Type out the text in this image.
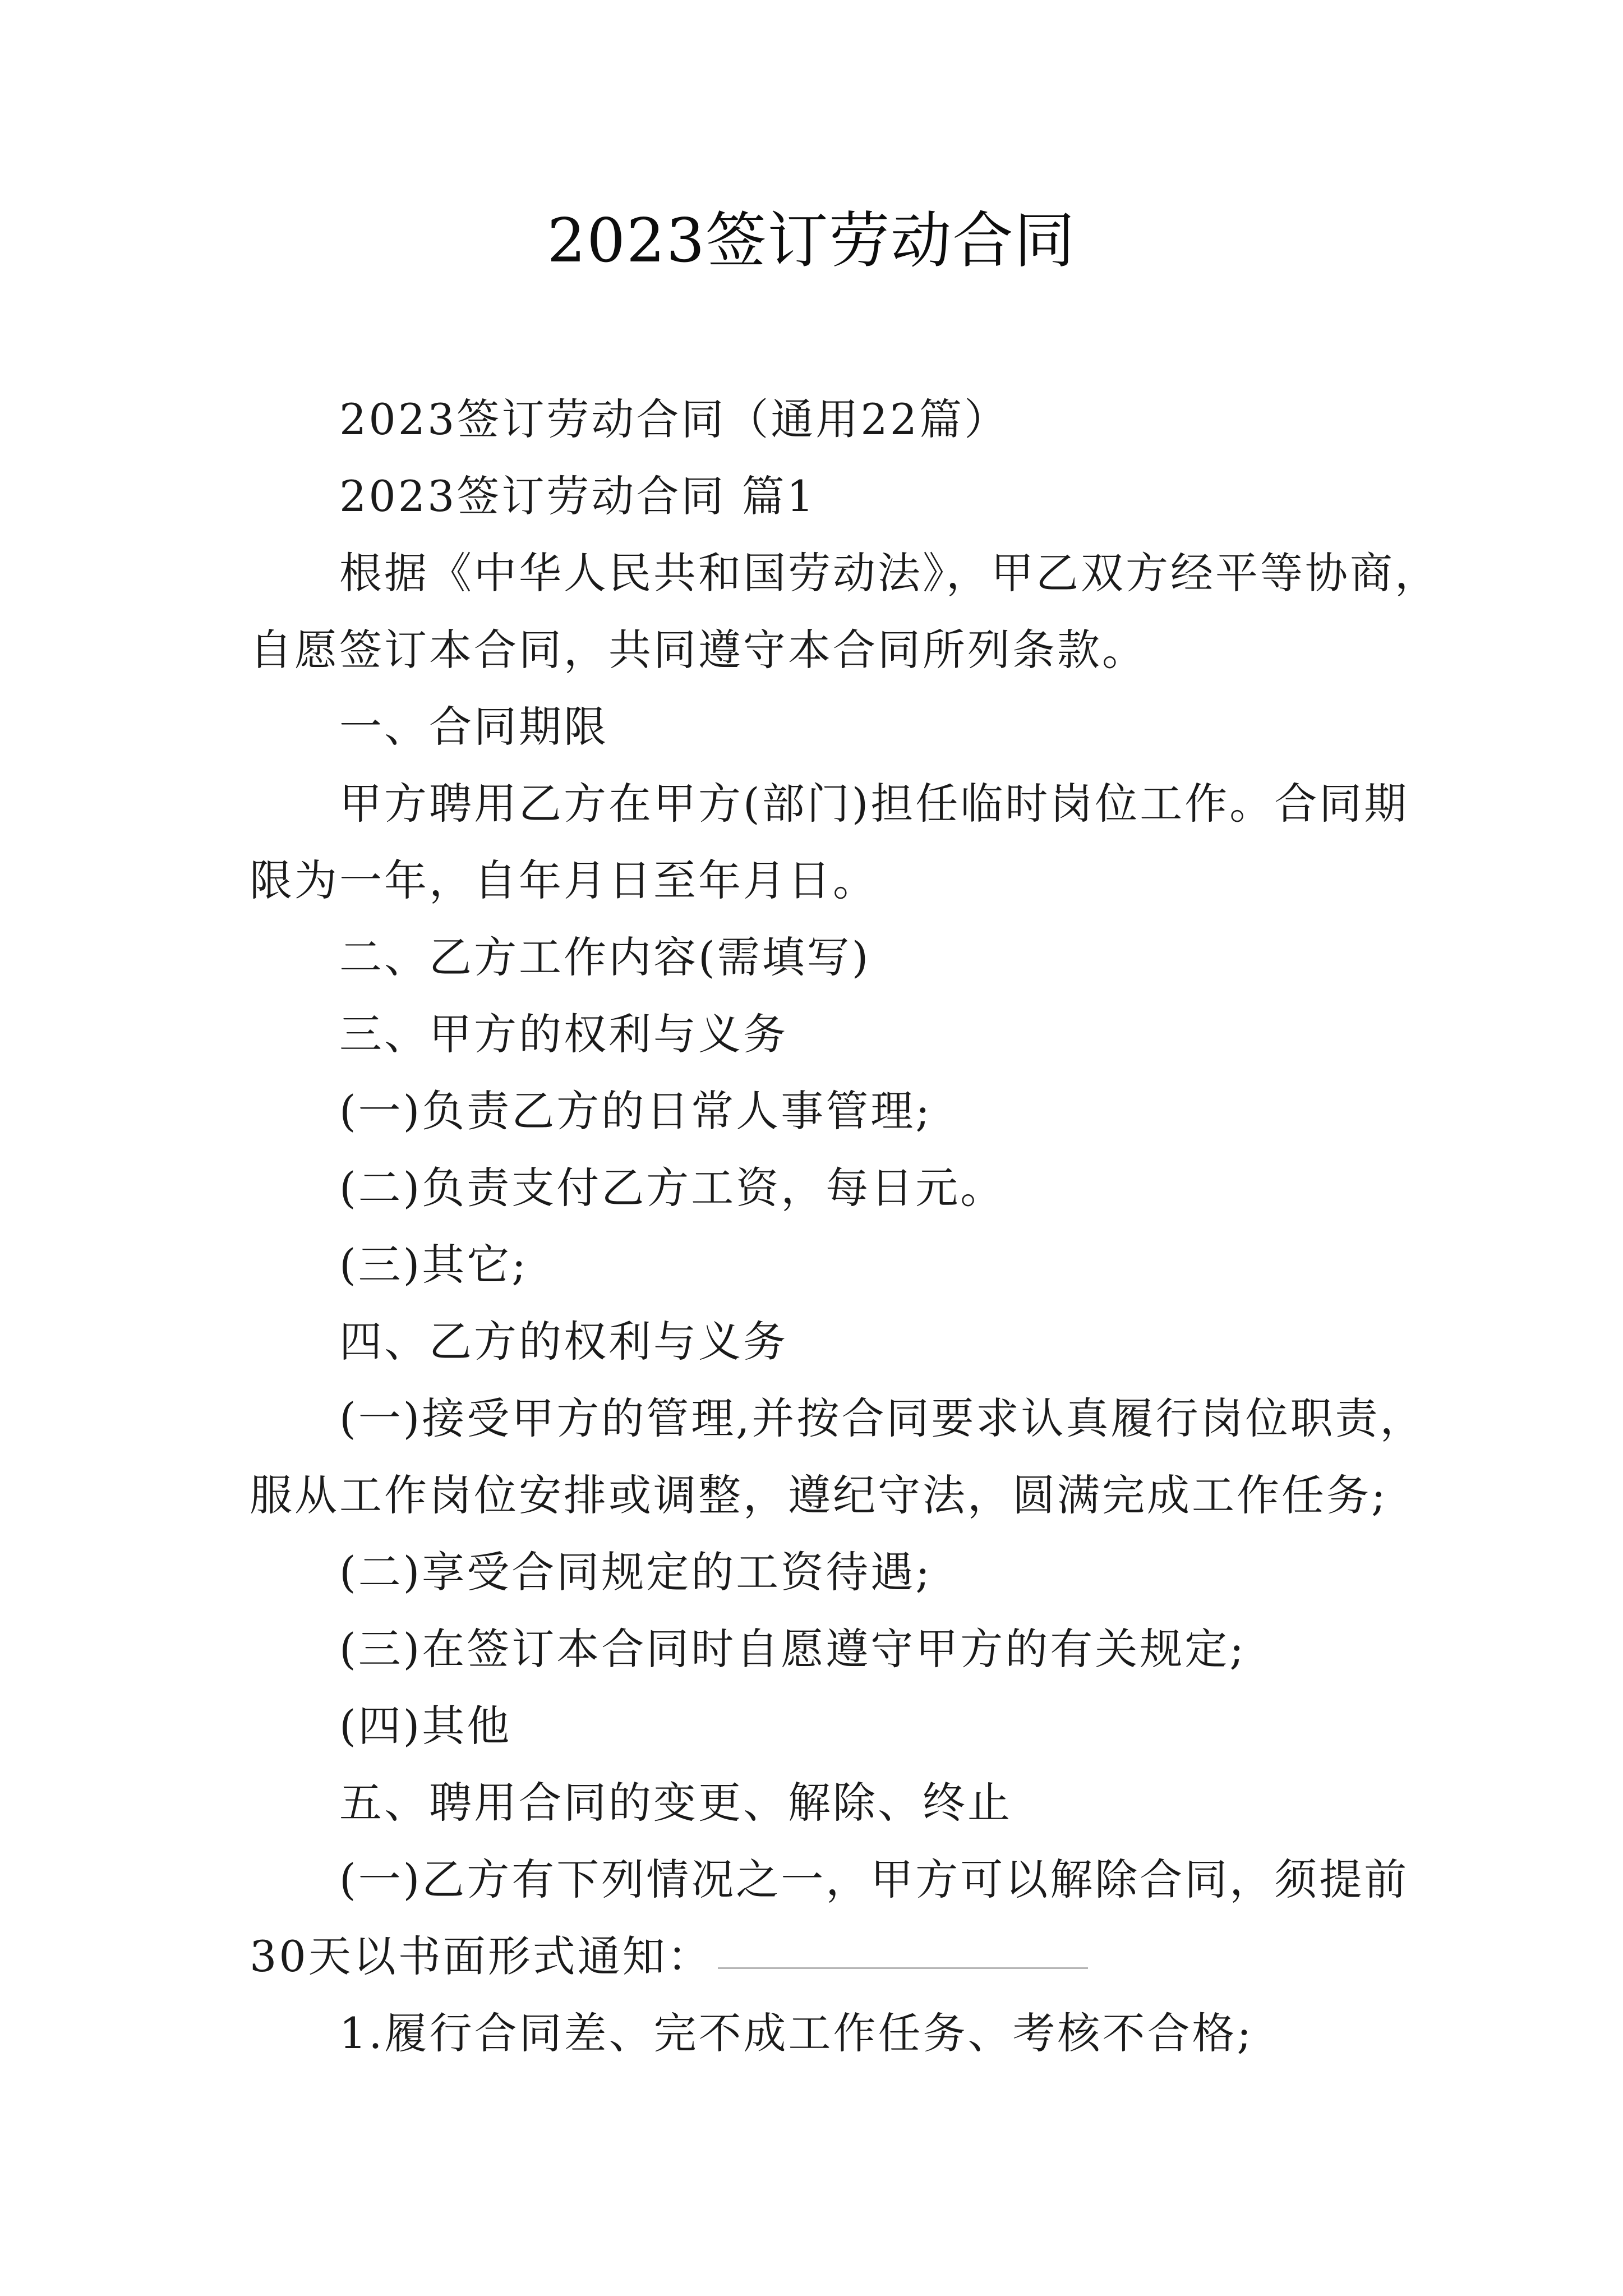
2023签订劳动合同

2023签订劳动合同（通用22篇）

2023签订劳动合同 篇1

根据《中华人民共和国劳动法》，甲乙双方经平等协商，
自愿签订本合同，共同遵守本合同所列条款。

一、合同期限

甲方聘用乙方在甲方(部门)担任临时岗位工作。合同期
限为一年，自年月日至年月日。

二、乙方工作内容(需填写)

三、甲方的权利与义务

(一)负责乙方的日常人事管理;

(二)负责支付乙方工资，每日元。

(三)其它;

四、乙方的权利与义务

(一)接受甲方的管理,并按合同要求认真履行岗位职责，
服从工作岗位安排或调整，遵纪守法，圆满完成工作任务;

(二)享受合同规定的工资待遇;

(三)在签订本合同时自愿遵守甲方的有关规定;

(四)其他

五、聘用合同的变更、解除、终止

(一)乙方有下列情况之一，甲方可以解除合同，须提前
30天以书面形式通知：

1.履行合同差、完不成工作任务、考核不合格;
